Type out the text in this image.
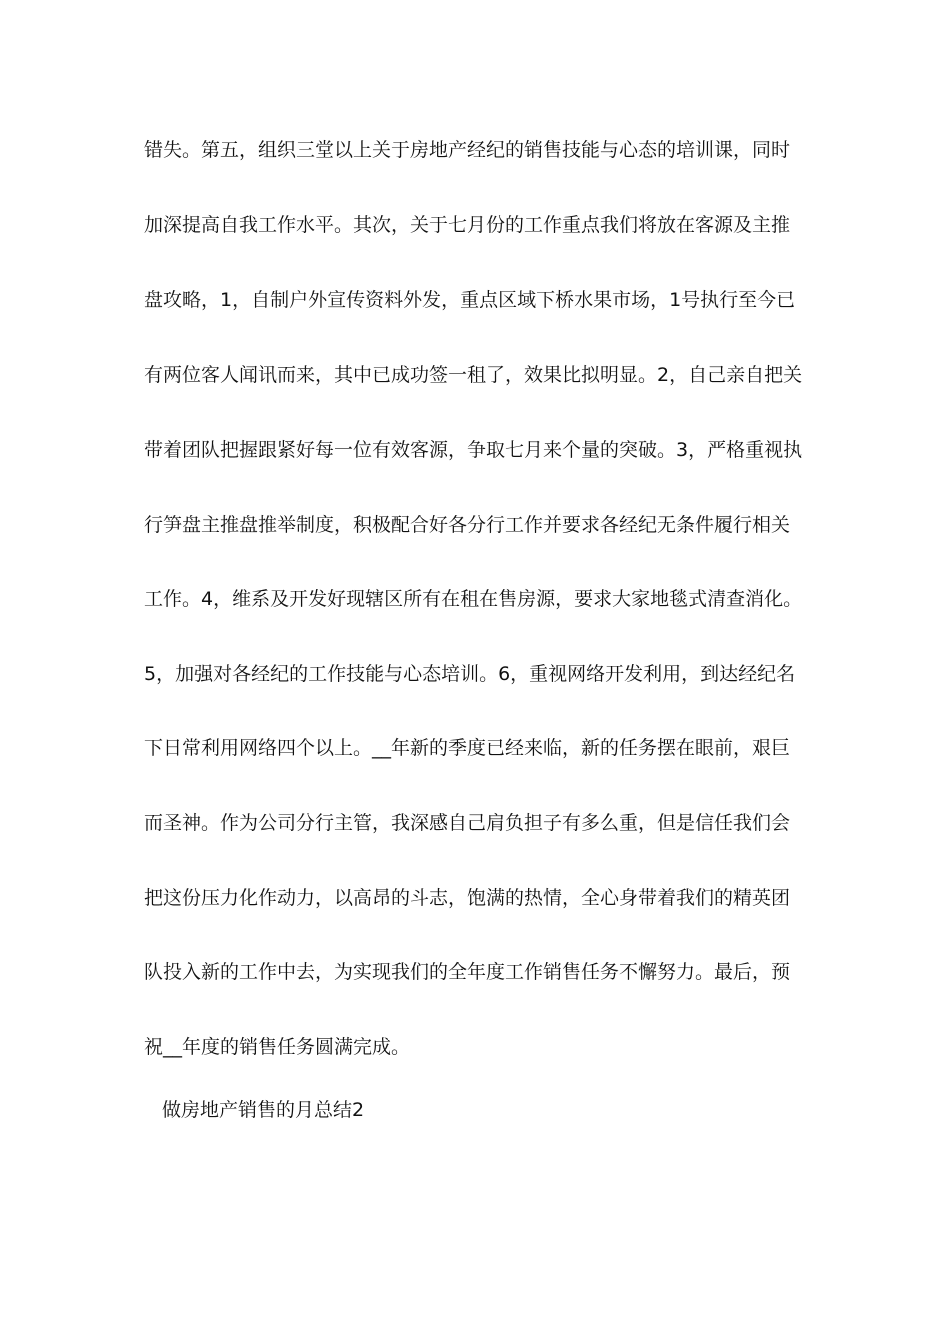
错失。第五，组织三堂以上关于房地产经纪的销售技能与心态的培训课，同时
加深提高自我工作水平。其次，关于七月份的工作重点我们将放在客源及主推
盘攻略，1，自制户外宣传资料外发，重点区域下桥水果市场，1号执行至今已
有两位客人闻讯而来，其中已成功签一租了，效果比拟明显。2，自己亲自把关
带着团队把握跟紧好每一位有效客源，争取七月来个量的突破。3，严格重视执
行笋盘主推盘推举制度，积极配合好各分行工作并要求各经纪无条件履行相关
工作。4，维系及开发好现辖区所有在租在售房源，要求大家地毯式清查消化。
5，加强对各经纪的工作技能与心态培训。6，重视网络开发利用，到达经纪名
下日常利用网络四个以上。__年新的季度已经来临，新的任务摆在眼前，艰巨
而圣神。作为公司分行主管，我深感自己肩负担子有多么重，但是信任我们会
把这份压力化作动力，以高昂的斗志，饱满的热情，全心身带着我们的精英团
队投入新的工作中去，为实现我们的全年度工作销售任务不懈努力。最后，预
祝__年度的销售任务圆满完成。
做房地产销售的月总结2
